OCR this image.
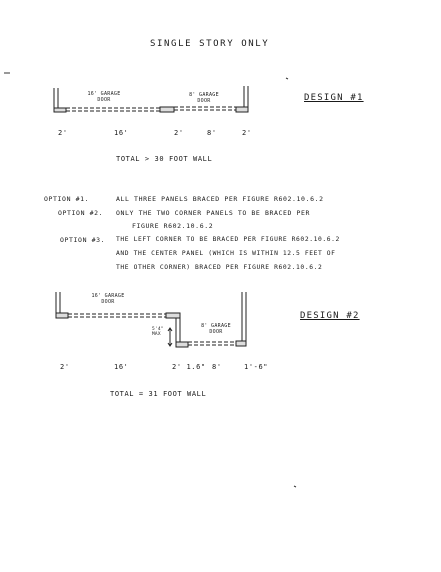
SINGLE STORY ONLY
16' GARAGE DOOR
8' GARAGE DOOR	DESIGN #1
2'	16'	2'	8'	2'
TOTAL > 30 FOOT WALL
OPTION #1.	ALL THREE PANELS BRACED PER FIGURE R602.10.6.2
OPTION #2. ONLY THE TWO CORNER PANELS TO BE BRACED PER
FIGURE R602.10.6.2
OPTION #3. THE LEFT CORNER TO BE BRACED PER FIGURE R602.10.6.2
AND THE CENTER PANEL (WHICH IS WITHIN 12.5 FEET OF
THE OTHER CORNER) BRACED PER FIGURE R602.10.6.2
16' GARAGE DOOR
8' GARAGE DOOR
5'4" MAX
DESIGN #2
2'	16'	2' 1.6" 8'	1'-6"
TOTAL = 31 FOOT WALL
